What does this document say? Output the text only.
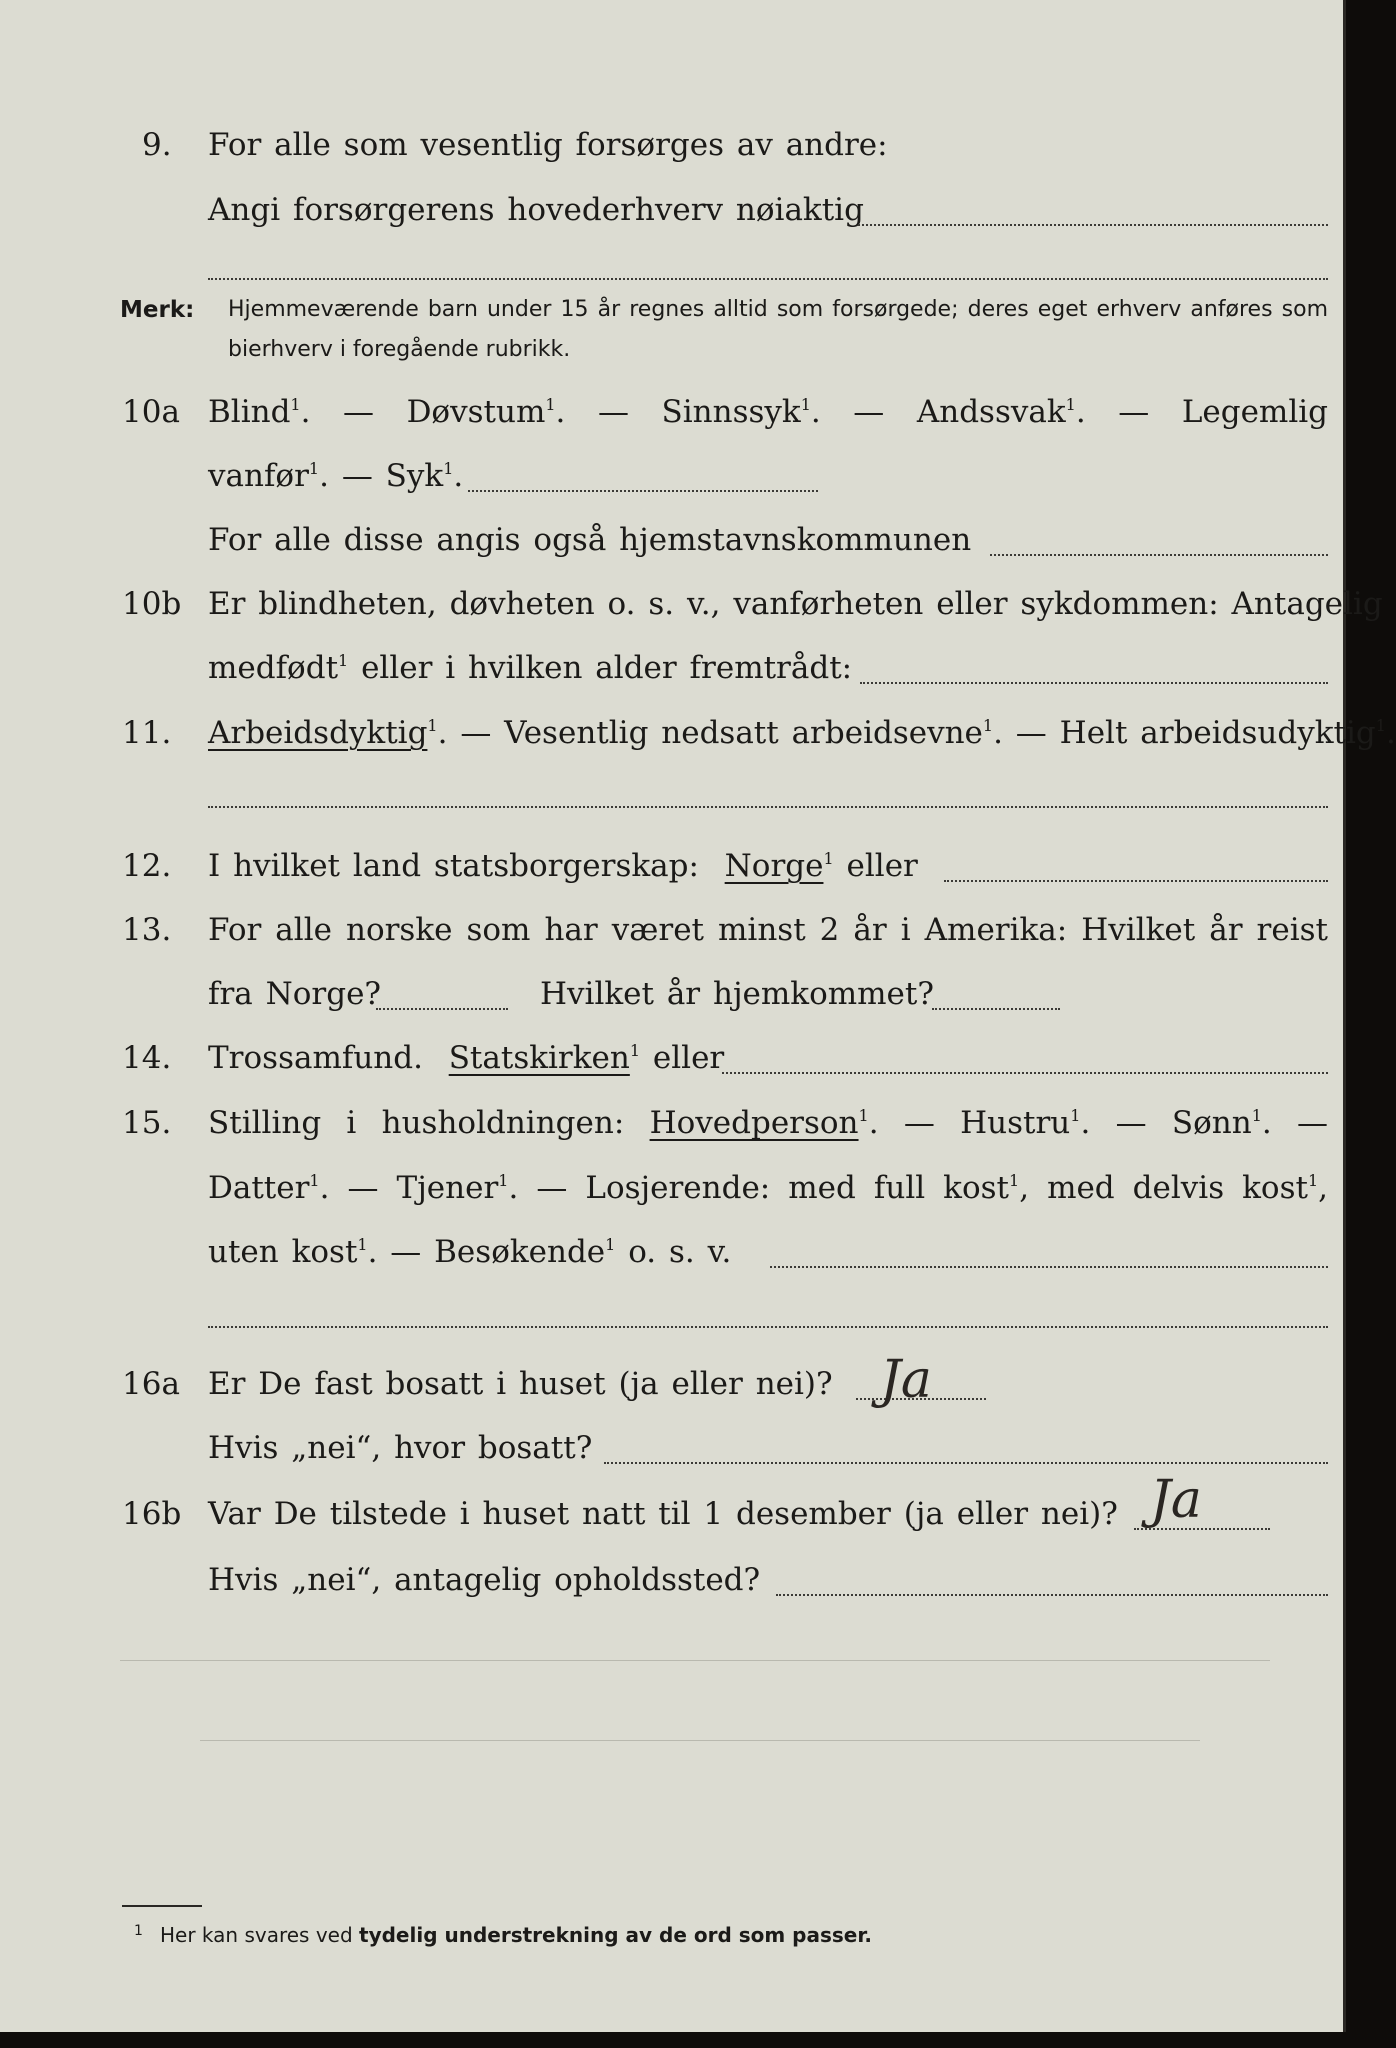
9. For alle som vesentlig forsørges av andre:
Angi forsørgerens hovederhverv nøiaktig
Merk: Hjemmeværende barn under 15 år regnes alltid som forsørgede; deres eget erhverv anføres som bierhverv i foregående rubrikk.
10a Blind$^1$. — Døvstum$^1$. — Sinnssyk$^1$. — Andssvak$^1$. — Legemlig
vanfør$^1$. — Syk$^1$.
For alle disse angis også hjemstavnskommunen
10b Er blindheten, døvheten o. s. v., vanførheten eller sykdommen: Antagelig
medfødt$^1$ eller i hvilken alder fremtrådt:
11. Arbeidsdyktig$^1$. — Vesentlig nedsatt arbeidsevne$^1$. — Helt arbeidsudyktig$^1$.
12. I hvilket land statsborgerskap: Norge$^1$ eller
13. For alle norske som har været minst 2 år i Amerika: Hvilket år reist
fra Norge?	Hvilket år hjemkommet?
14. Trossamfund. Statskirken$^1$ eller
15. Stilling i husholdningen: Hovedperson$^1$. — Hustru$^1$. — Sønn$^1$. —
Datter$^1$. — Tjener$^1$. — Losjerende: med full kost$^1$, med delvis kost$^1$,
uten kost$^1$. — Besøkende$^1$ o. s. v.
16a Er De fast bosatt i huset (ja eller nei)? Ja
Hvis „nei“, hvor bosatt?
16b Var De tilstede i huset natt til 1 desember (ja eller nei)? Ja
Hvis „nei“, antagelig opholdssted?
1 Her kan svares ved tydelig understrekning av de ord som passer.
